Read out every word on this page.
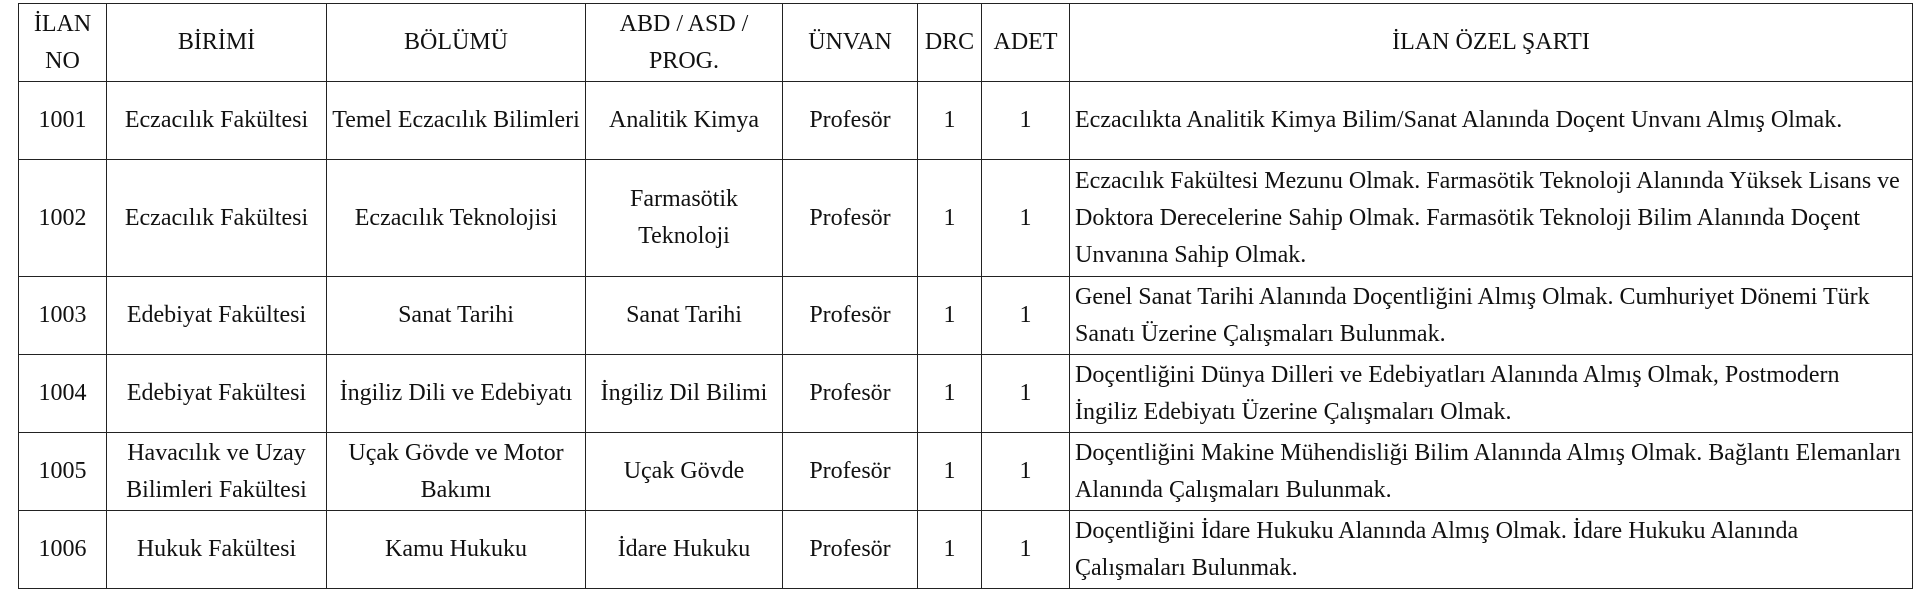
İLAN NO	BİRİMİ	BÖLÜMÜ	ABD / ASD / PROG.	ÜNVAN	DRC	ADET	İLAN ÖZEL ŞARTI
1001	Eczacılık Fakültesi	Temel Eczacılık Bilimleri	Analitik Kimya	Profesör	1	1	Eczacılıkta Analitik Kimya Bilim/Sanat Alanında Doçent Unvanı Almış Olmak.
1002	Eczacılık Fakültesi	Eczacılık Teknolojisi	Farmasötik Teknoloji	Profesör	1	1	Eczacılık Fakültesi Mezunu Olmak. Farmasötik Teknoloji Alanında Yüksek Lisans ve Doktora Derecelerine Sahip Olmak. Farmasötik Teknoloji Bilim Alanında Doçent Unvanına Sahip Olmak.
1003	Edebiyat Fakültesi	Sanat Tarihi	Sanat Tarihi	Profesör	1	1	Genel Sanat Tarihi Alanında Doçentliğini Almış Olmak. Cumhuriyet Dönemi Türk Sanatı Üzerine Çalışmaları Bulunmak.
1004	Edebiyat Fakültesi	İngiliz Dili ve Edebiyatı	İngiliz Dil Bilimi	Profesör	1	1	Doçentliğini Dünya Dilleri ve Edebiyatları Alanında Almış Olmak, Postmodern İngiliz Edebiyatı Üzerine Çalışmaları Olmak.
1005	Havacılık ve Uzay Bilimleri Fakültesi	Uçak Gövde ve Motor Bakımı	Uçak Gövde	Profesör	1	1	Doçentliğini Makine Mühendisliği Bilim Alanında Almış Olmak. Bağlantı Elemanları Alanında Çalışmaları Bulunmak.
1006	Hukuk Fakültesi	Kamu Hukuku	İdare Hukuku	Profesör	1	1	Doçentliğini İdare Hukuku Alanında Almış Olmak. İdare Hukuku Alanında Çalışmaları Bulunmak.
